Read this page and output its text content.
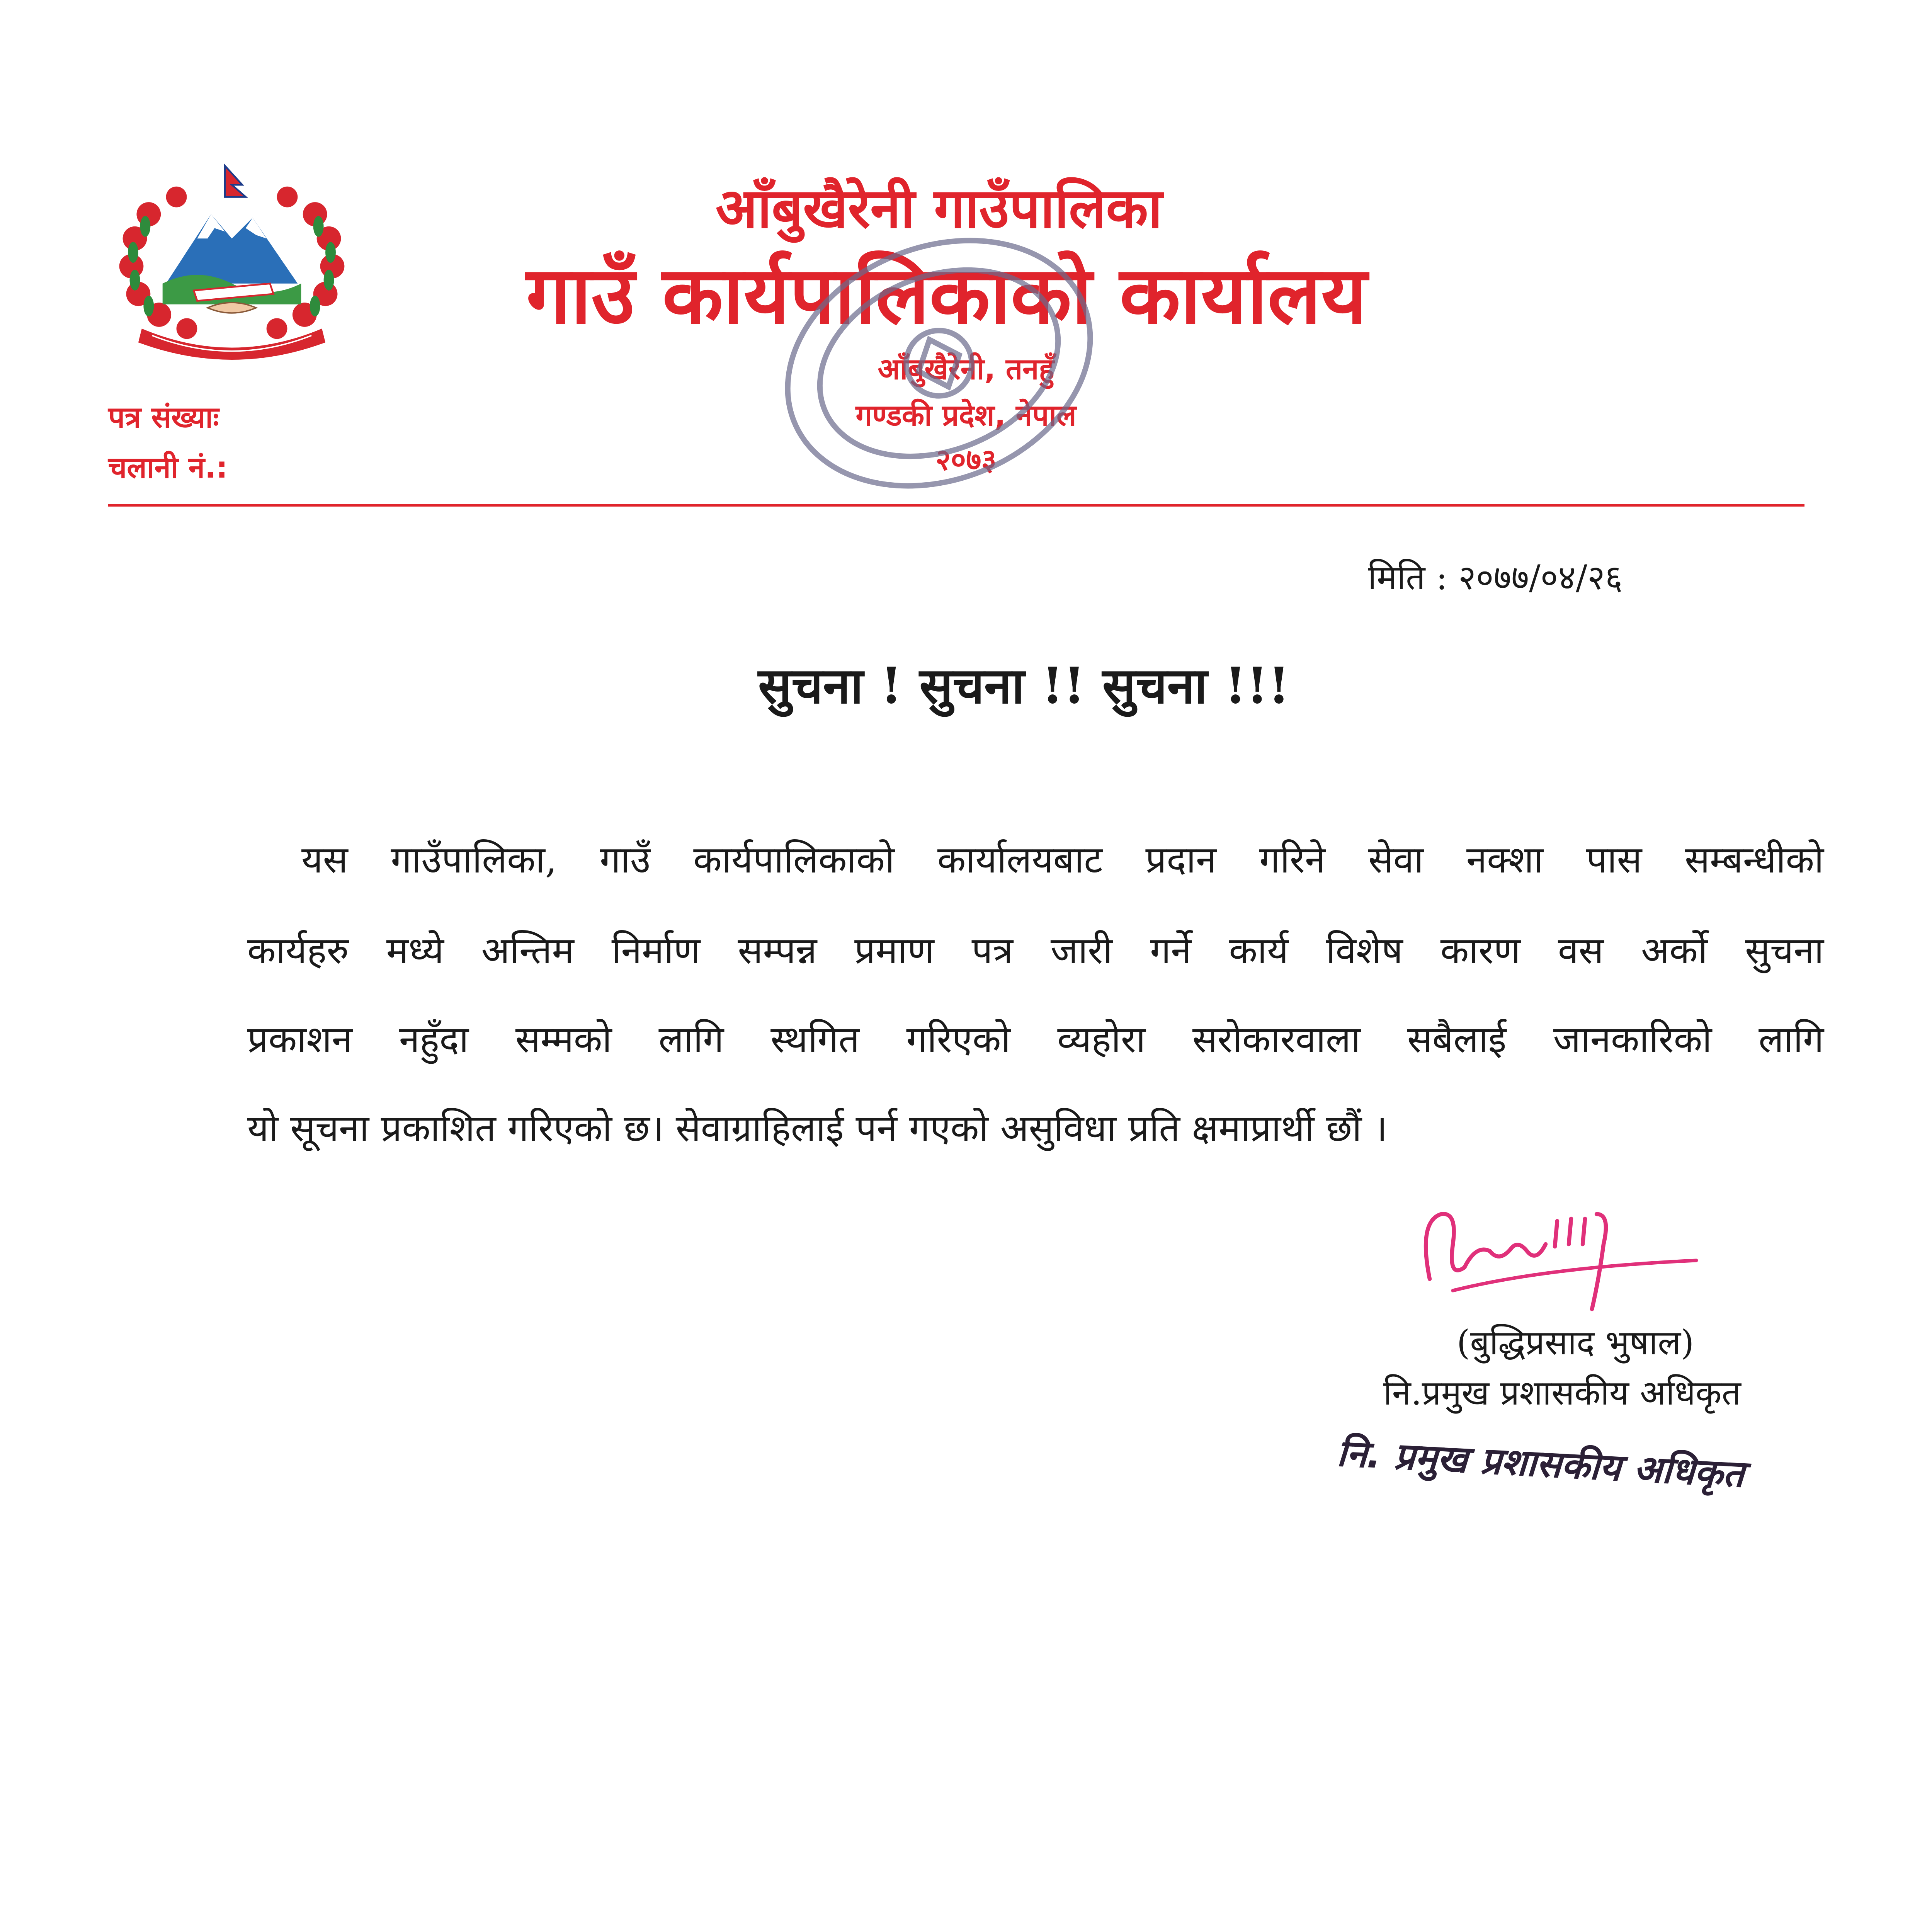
आँबुखैरेनी गाउँपालिका
गाउँ कार्यपालिकाको कार्यालय
आँबुखैरेनी, तनहुँ
गण्डकी प्रदेश, नेपाल
२०७३
पत्र संख्याः
चलानी नं.:
मिति : २०७७/०४/२६
सुचना ! सुचना !! सुचना !!!
यस गाउँपालिका, गाउँ कार्यपालिकाको कार्यालयबाट प्रदान गरिने सेवा नक्शा पास सम्बन्धीको
कार्यहरु मध्ये अन्तिम निर्माण सम्पन्न प्रमाण पत्र जारी गर्ने कार्य विशेष कारण वस अर्को सुचना
प्रकाशन नहुँदा सम्मको लागि स्थगित गरिएको व्यहोरा सरोकारवाला सबैलाई जानकारिको लागि
यो सूचना प्रकाशित गरिएको छ। सेवाग्राहिलाई पर्न गएको असुविधा प्रति क्षमाप्रार्थी छौं ।
(बुद्धिप्रसाद भुषाल)
नि.प्रमुख प्रशासकीय अधिकृत
नि. प्रमुख प्रशासकीय अधिकृत
